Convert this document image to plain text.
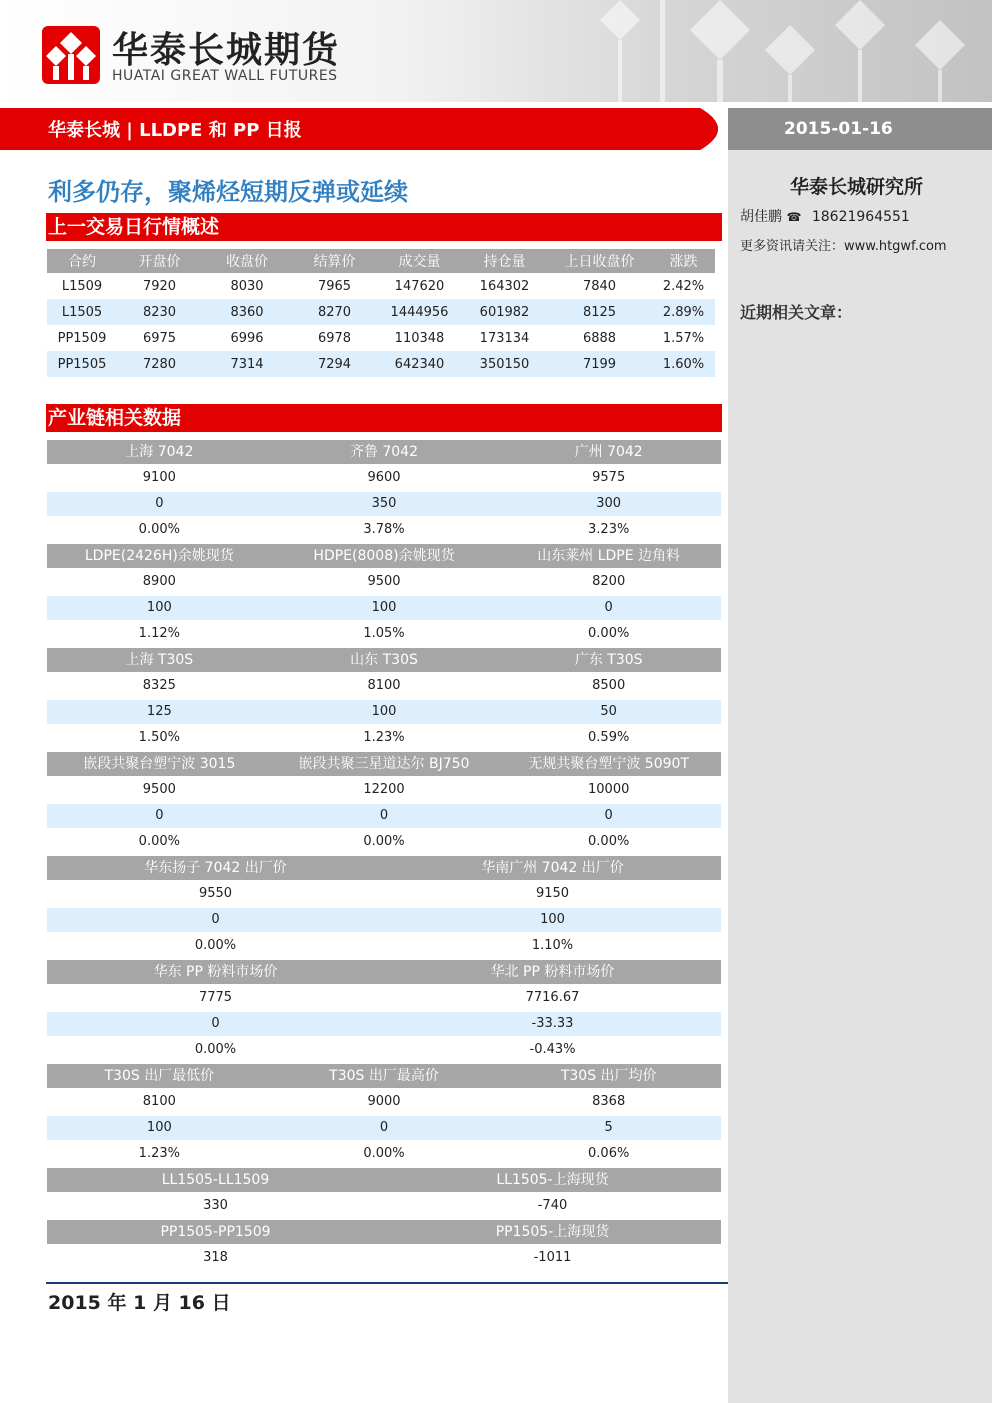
华泰长城期货
HUATAI GREAT WALL FUTURES
华泰长城 | LLDPE 和 PP 日报	2015-01-16
华泰长城研究所
胡佳鹏 ☎ 18621964551
更多资讯请关注：www.htgwf.com
近期相关文章：
利多仍存，聚烯烃短期反弹或延续
上一交易日行情概述
合约	开盘价	收盘价	结算价	成交量	持仓量	上日收盘价	涨跌
L1509	7920	8030	7965	147620	164302	7840	2.42%
L1505	8230	8360	8270	1444956	601982	8125	2.89%
PP1509	6975	6996	6978	110348	173134	6888	1.57%
PP1505	7280	7314	7294	642340	350150	7199	1.60%
产业链相关数据
上海 7042	齐鲁 7042	广州 7042
9100	9600	9575
0	350	300
0.00%	3.78%	3.23%
LDPE(2426H)余姚现货	HDPE(8008)余姚现货	山东莱州 LDPE 边角料
8900	9500	8200
100	100	0
1.12%	1.05%	0.00%
上海 T30S	山东 T30S	广东 T30S
8325	8100	8500
125	100	50
1.50%	1.23%	0.59%
嵌段共聚台塑宁波 3015	嵌段共聚三星道达尔 BJ750	无规共聚台塑宁波 5090T
9500	12200	10000
0	0	0
0.00%	0.00%	0.00%
华东扬子 7042 出厂价	华南广州 7042 出厂价
9550	9150
0	100
0.00%	1.10%
华东 PP 粉料市场价	华北 PP 粉料市场价
7775	7716.67
0	-33.33
0.00%	-0.43%
T30S 出厂最低价	T30S 出厂最高价	T30S 出厂均价
8100	9000	8368
100	0	5
1.23%	0.00%	0.06%
LL1505-LL1509	LL1505-上海现货
330	-740
PP1505-PP1509	PP1505-上海现货
318	-1011
2015 年 1 月 16 日
